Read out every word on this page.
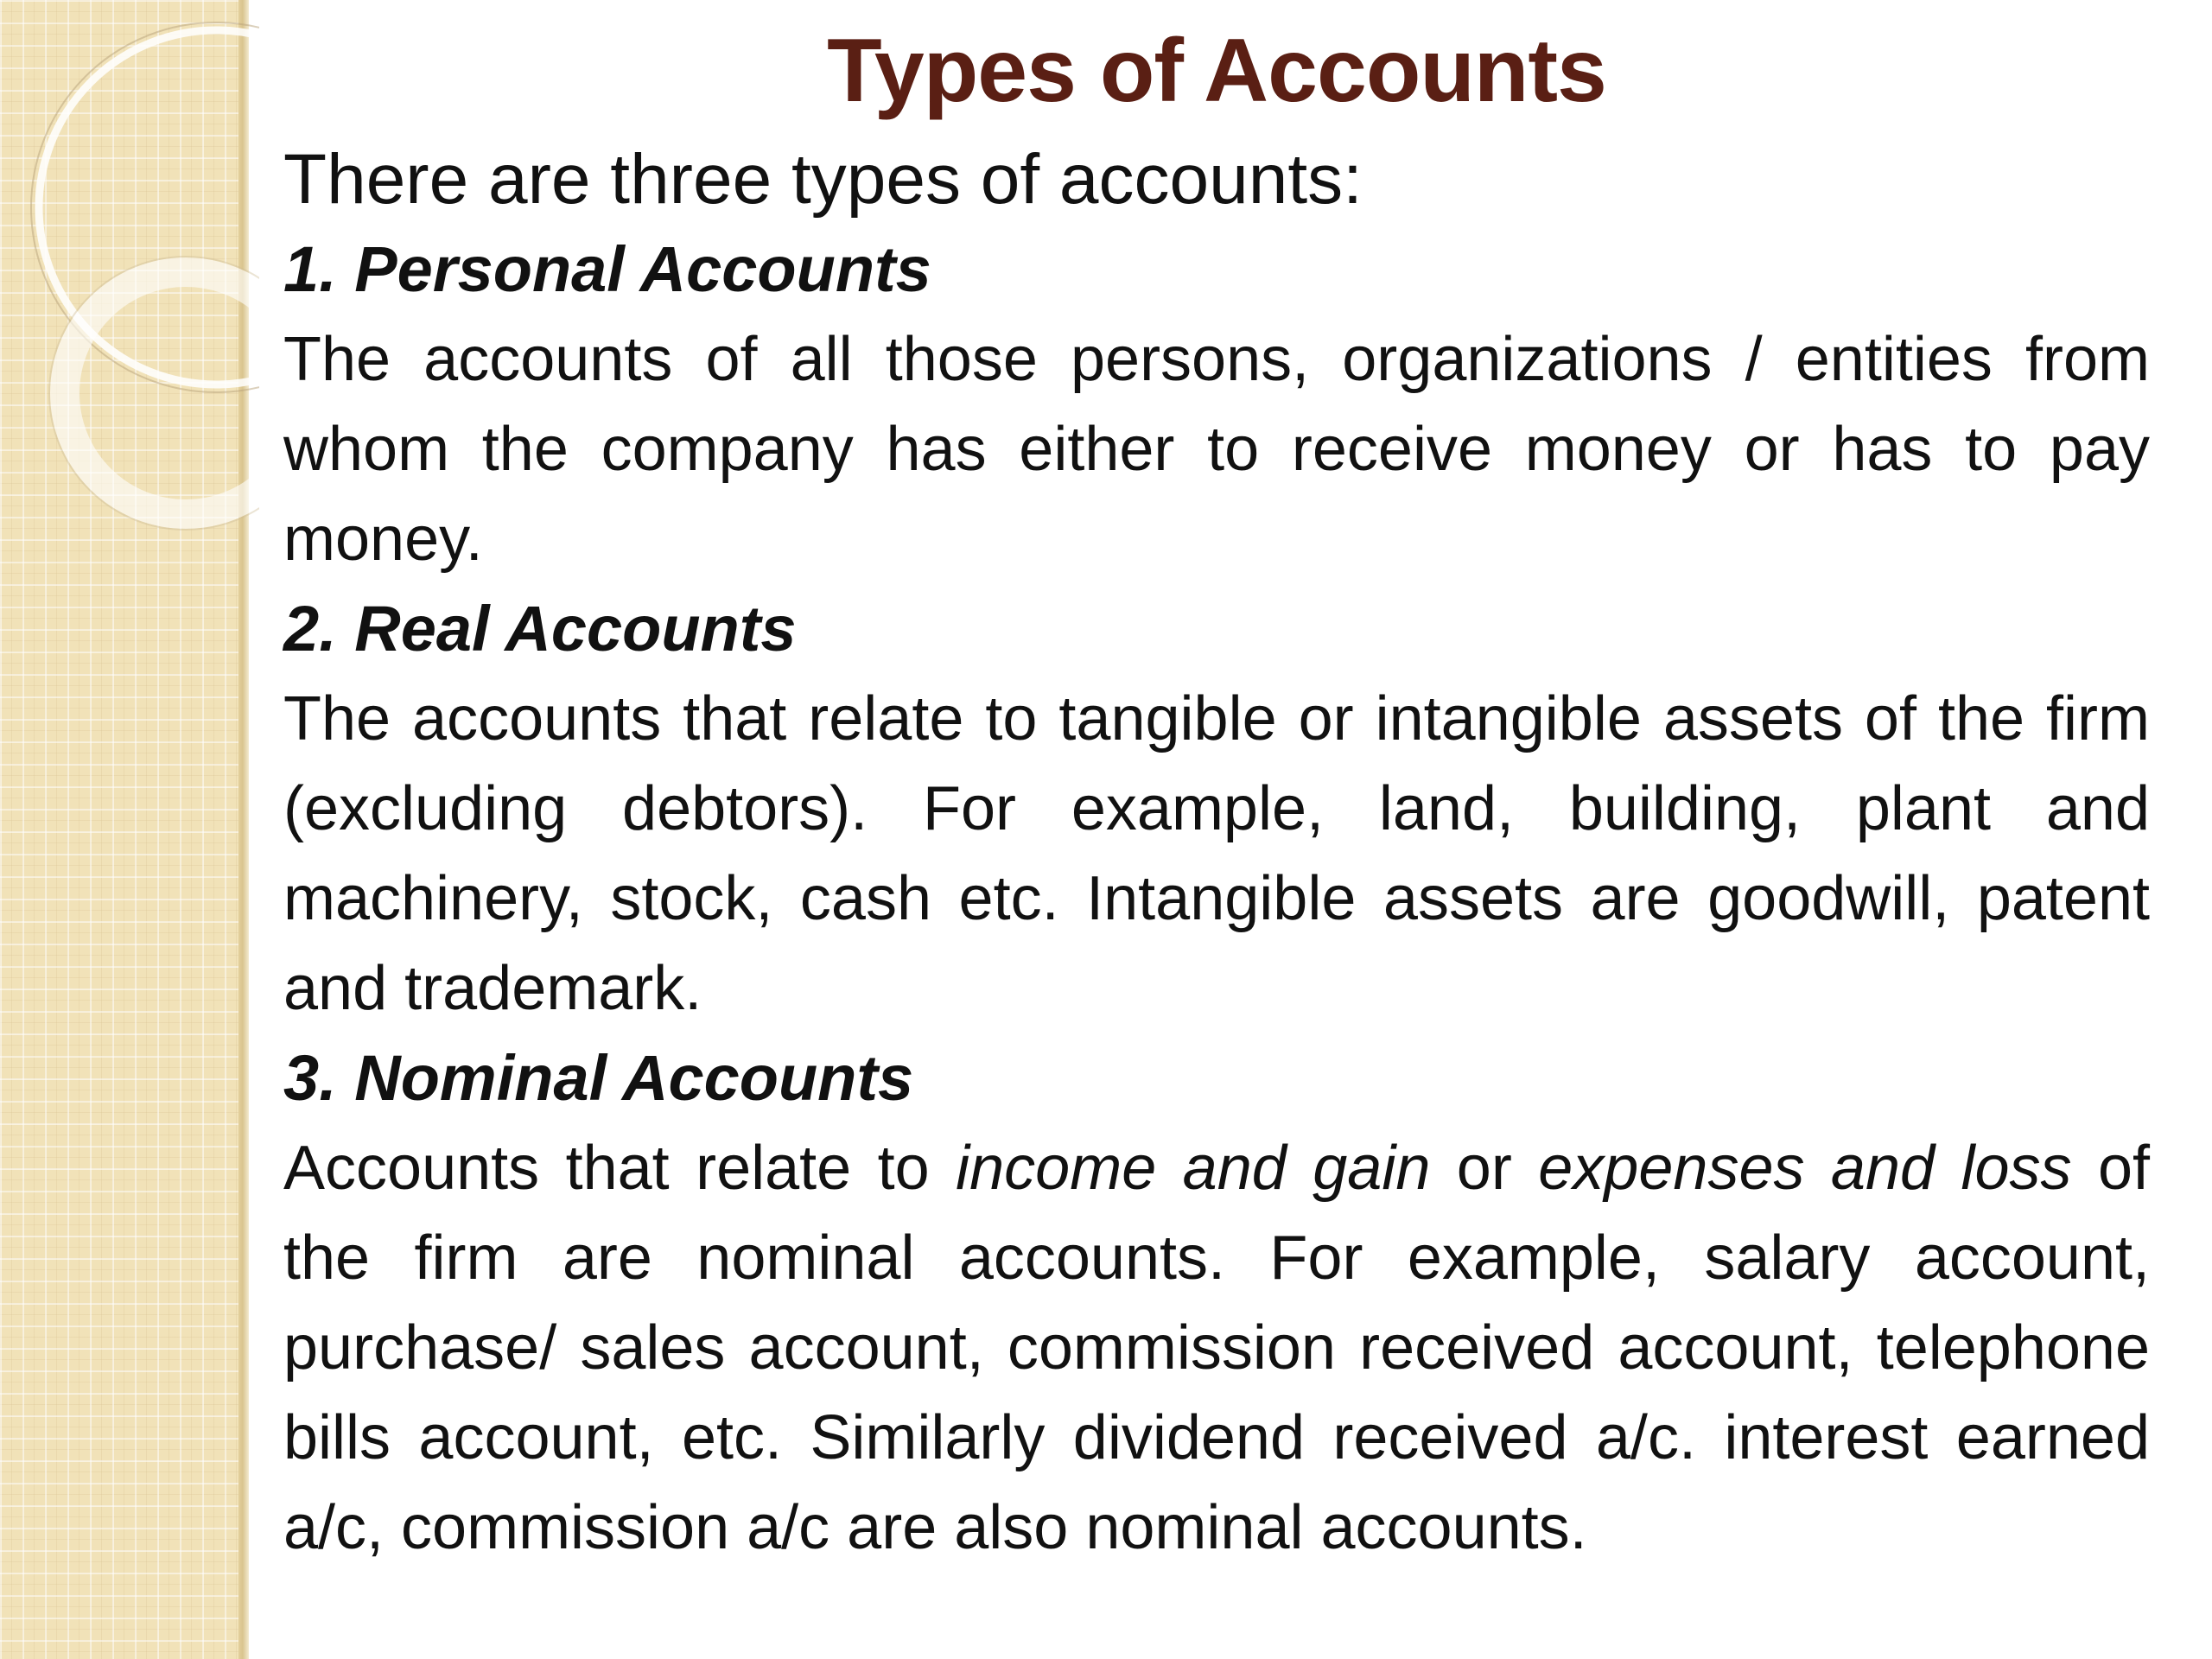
Types of Accounts

There are three types of accounts:

1. Personal Accounts

The accounts of all those persons, organizations / entities from whom the company has either to receive money or has to pay money.

2. Real Accounts

The accounts that relate to tangible or intangible assets of the firm (excluding debtors). For example, land, building, plant and machinery, stock, cash etc. Intangible assets are goodwill, patent and trademark.

3. Nominal Accounts

Accounts that relate to income and gain or expenses and loss of the firm are nominal accounts. For example, salary account, purchase/ sales account, commission received account, telephone bills account, etc. Similarly dividend received a/c. interest earned a/c, commission a/c are also nominal accounts.
